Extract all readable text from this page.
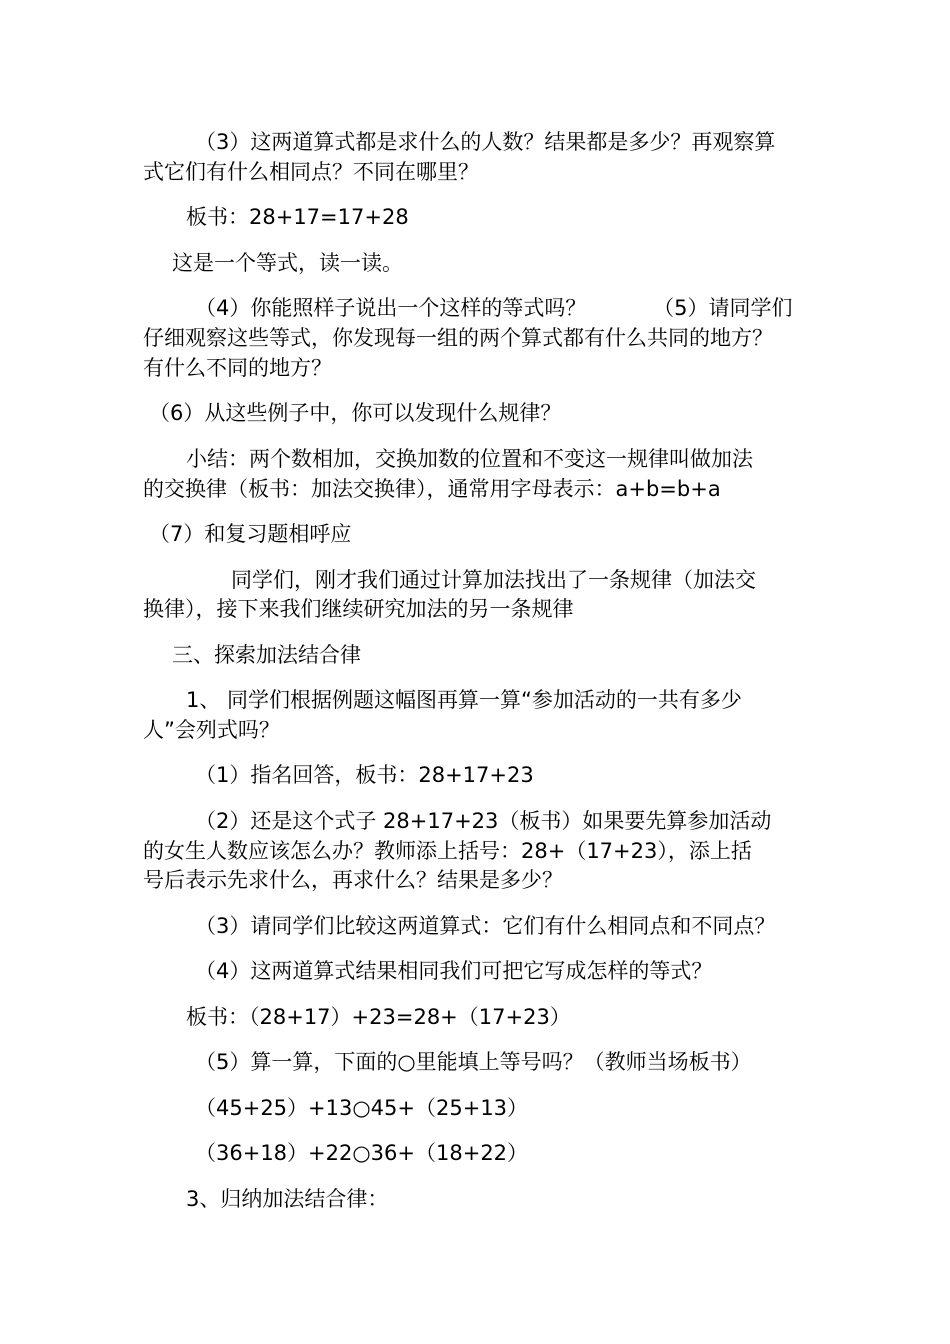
（3）这两道算式都是求什么的人数？结果都是多少？再观察算
式它们有什么相同点？不同在哪里？
板书：28+17=17+28
这是一个等式，读一读。
（4）你能照样子说出一个这样的等式吗？          （5）请同学们
仔细观察这些等式，你发现每一组的两个算式都有什么共同的地方？
有什么不同的地方？
（6）从这些例子中，你可以发现什么规律？
小结：两个数相加，交换加数的位置和不变这一规律叫做加法
的交换律（板书：加法交换律），通常用字母表示：a+b=b+a
（7）和复习题相呼应
同学们，刚才我们通过计算加法找出了一条规律（加法交
换律），接下来我们继续研究加法的另一条规律
三、探索加法结合律
1、 同学们根据例题这幅图再算一算“参加活动的一共有多少
人”会列式吗？
（1）指名回答，板书：28+17+23
（2）还是这个式子 28+17+23（板书）如果要先算参加活动
的女生人数应该怎么办？教师添上括号：28+（17+23），添上括
号后表示先求什么，再求什么？结果是多少？
（3）请同学们比较这两道算式：它们有什么相同点和不同点？
（4）这两道算式结果相同我们可把它写成怎样的等式？
板书：（28+17）+23=28+（17+23）
（5）算一算，下面的○里能填上等号吗？（教师当场板书）
（45+25）+13○45+（25+13）
（36+18）+22○36+（18+22）
3、归纳加法结合律：
